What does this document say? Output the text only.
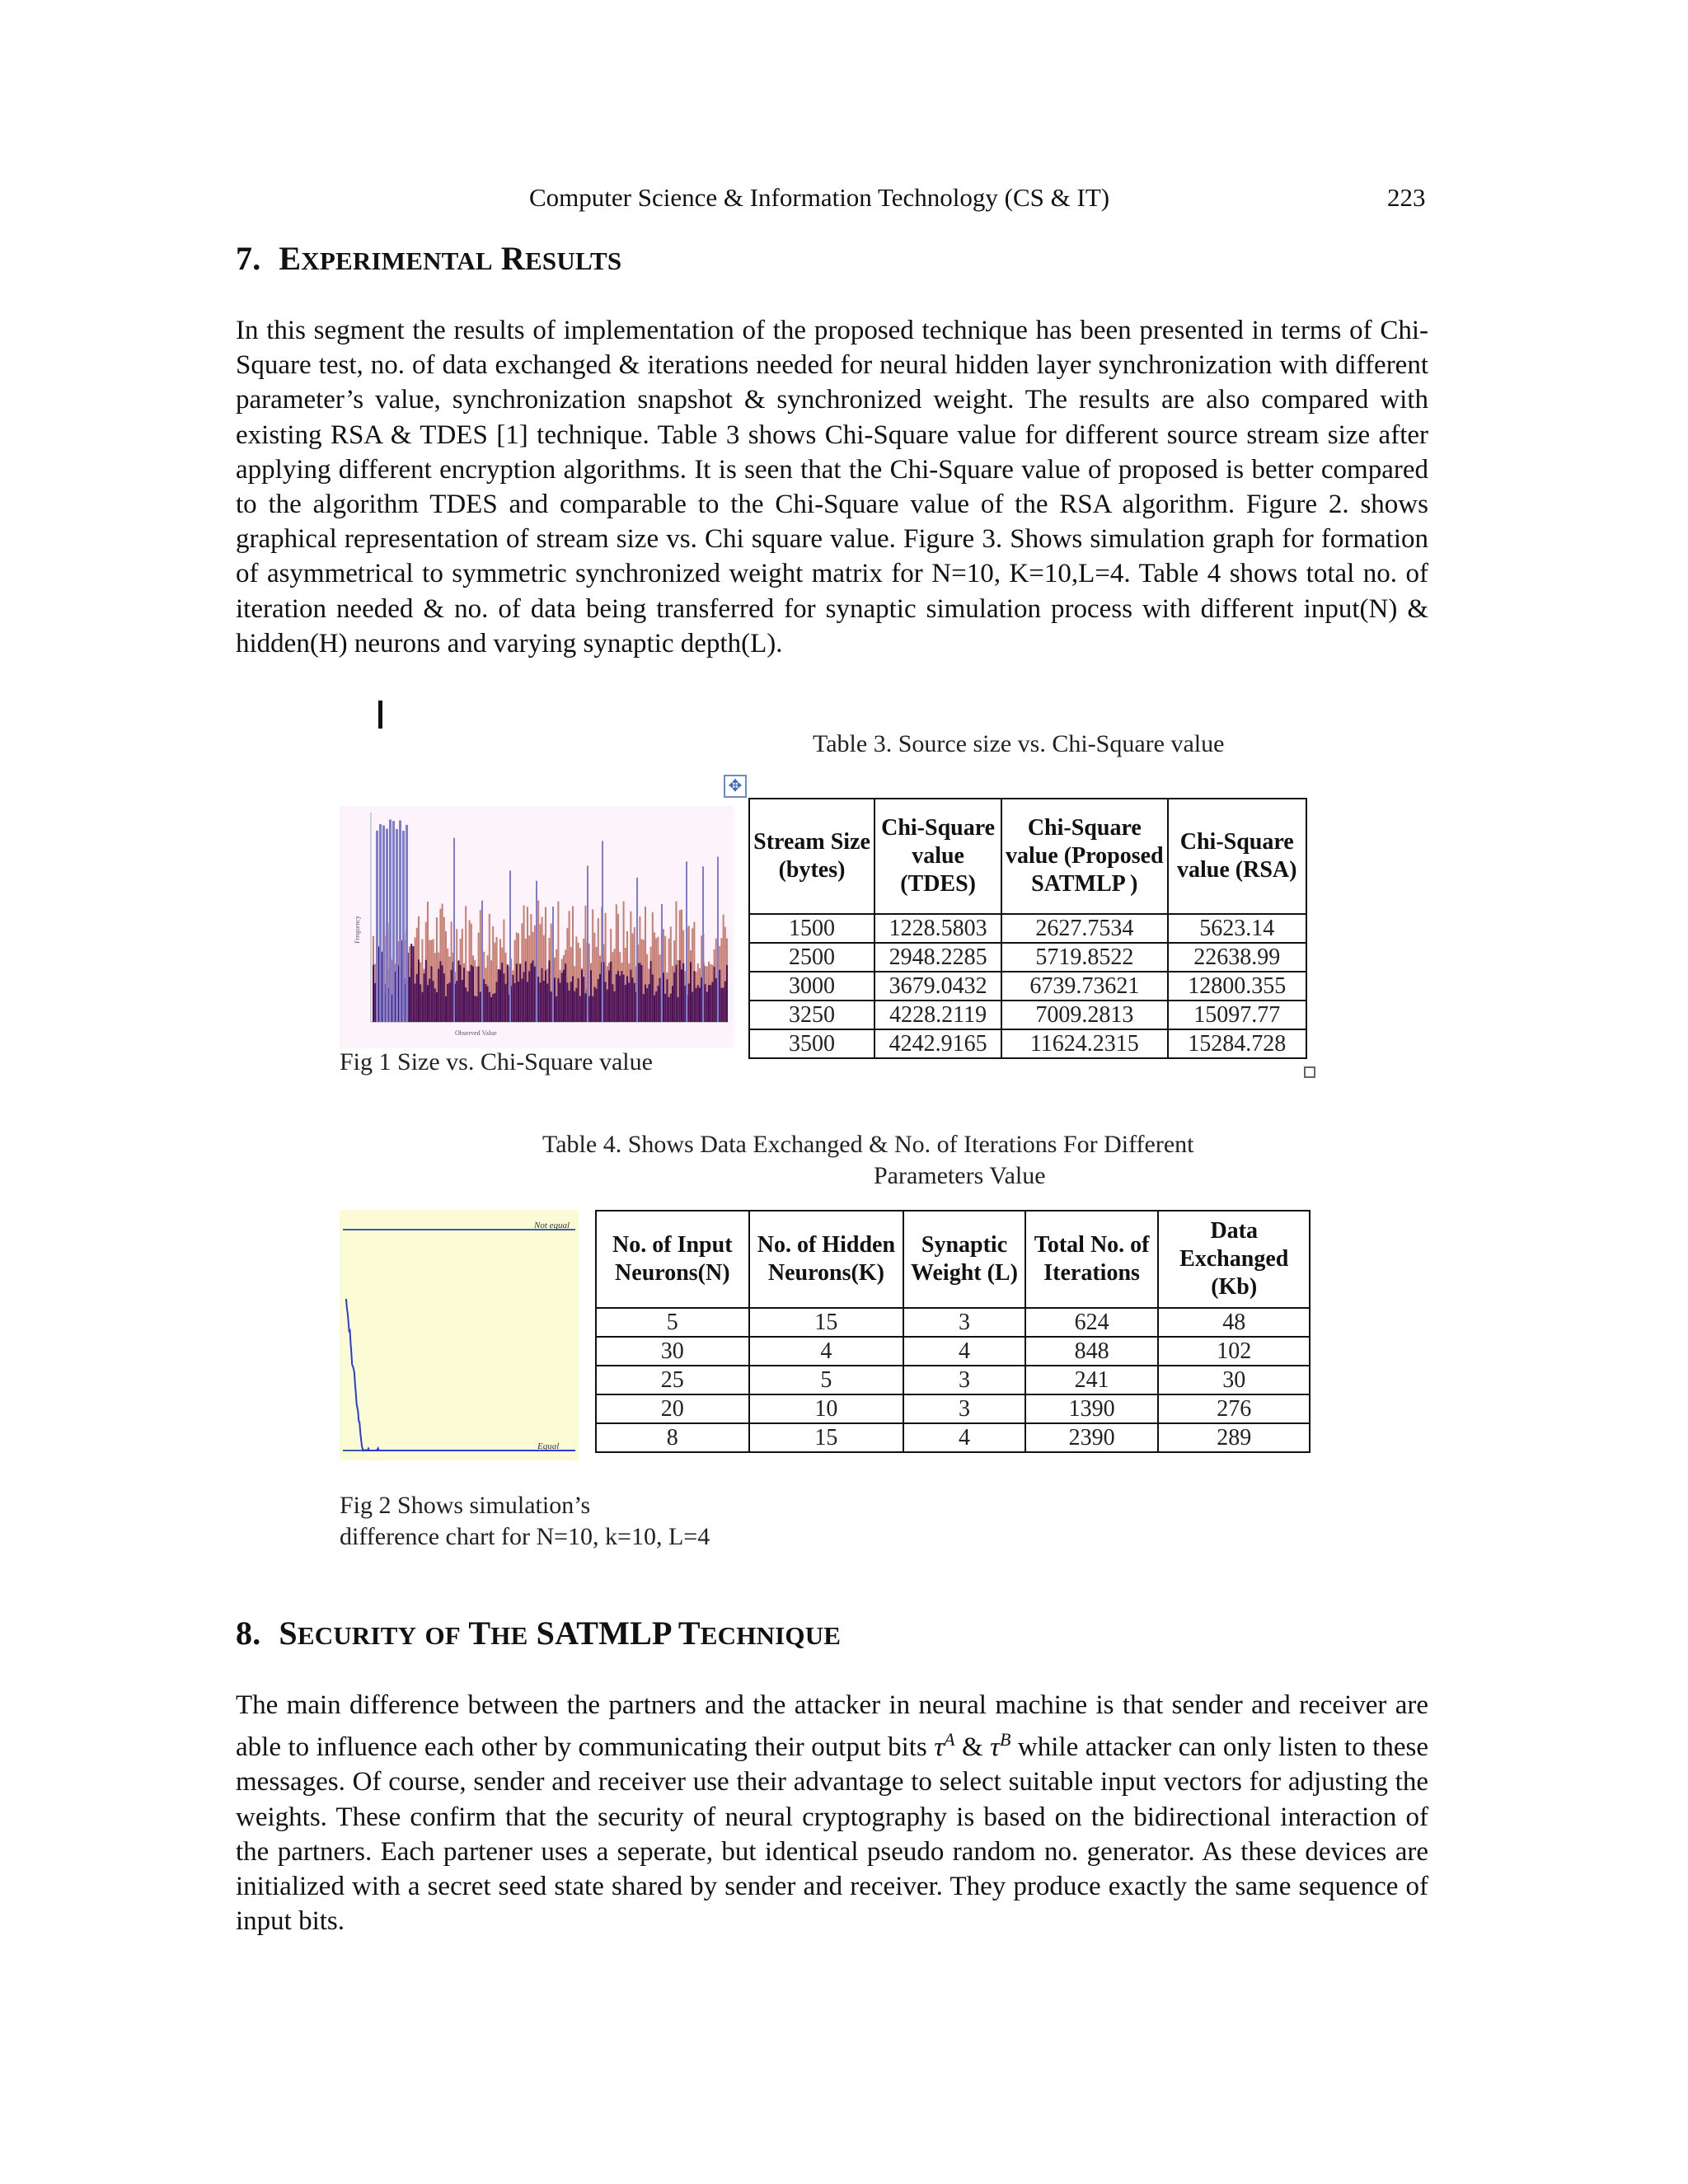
Computer Science & Information Technology (CS & IT)	223
7. EXPERIMENTAL RESULTS

In this segment the results of implementation of the proposed technique has been presented in terms of Chi-Square test, no. of data exchanged & iterations needed for neural hidden layer synchronization with different parameter’s value, synchronization snapshot & synchronized weight. The results are also compared with existing RSA & TDES [1] technique. Table 3 shows Chi-Square value for different source stream size after applying different encryption algorithms. It is seen that the Chi-Square value of proposed is better compared to the algorithm TDES and comparable to the Chi-Square value of the RSA algorithm. Figure 2. shows graphical representation of stream size vs. Chi square value. Figure 3. Shows simulation graph for formation of asymmetrical to symmetric synchronized weight matrix for N=10, K=10,L=4. Table 4 shows total no. of iteration needed & no. of data being transferred for synaptic simulation process with different input(N) & hidden(H) neurons and varying synaptic depth(L).

Frequency
Observed Value
Fig 1 Size vs. Chi-Square value
Table 3. Source size vs. Chi-Square value
✥
Stream Size (bytes)	Chi-Square value (TDES)	Chi-Square value (Proposed SATMLP )	Chi-Square value (RSA)
1500	1228.5803	2627.7534	5623.14
2500	2948.2285	5719.8522	22638.99
3000	3679.0432	6739.73621	12800.355
3250	4228.2119	7009.2813	15097.77
3500	4242.9165	11624.2315	15284.728
Table 4. Shows Data Exchanged & No. of Iterations For Different
Parameters Value
No. of Input Neurons(N)	No. of Hidden Neurons(K)	Synaptic Weight (L)	Total No. of Iterations	Data Exchanged (Kb)
5	15	3	624	48
30	4	4	848	102
25	5	3	241	30
20	10	3	1390	276
8	15	4	2390	289
Not equal
Equal
Fig 2 Shows simulation’s
difference chart for N=10, k=10, L=4
8. SECURITY OF THE SATMLP TECHNIQUE

The main difference between the partners and the attacker in neural machine is that sender and receiver are able to influence each other by communicating their output bits $\tau^A$ & $\tau^B$ while attacker can only listen to these messages. Of course, sender and receiver use their advantage to select suitable input vectors for adjusting the weights. These confirm that the security of neural cryptography is based on the bidirectional interaction of the partners. Each partener uses a seperate, but identical pseudo random no. generator. As these devices are initialized with a secret seed state shared by sender and receiver. They produce exactly the same sequence of input bits.
